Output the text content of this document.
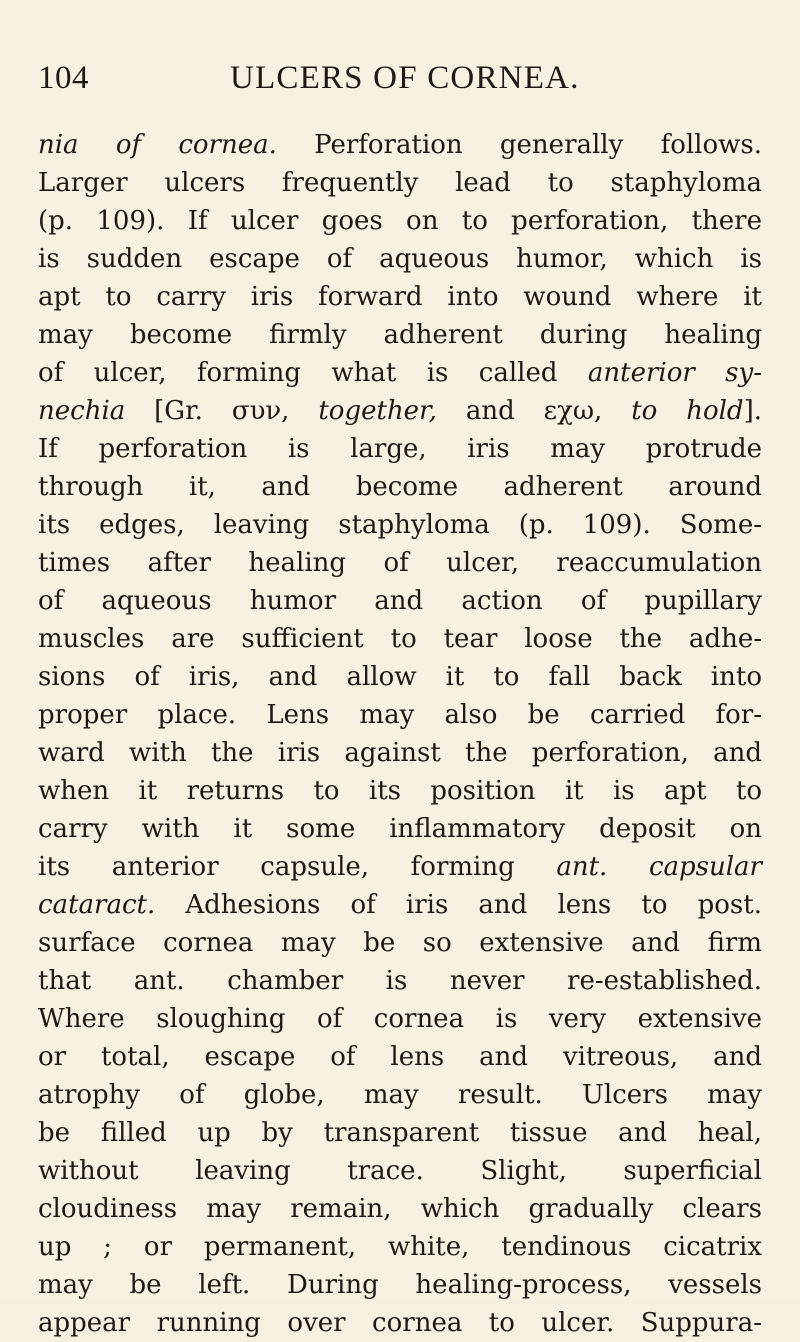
104	ULCERS OF CORNEA.
nia of cornea. Perforation generally follows.
Larger ulcers frequently lead to staphyloma
(p. 109). If ulcer goes on to perforation, there
is sudden escape of aqueous humor, which is
apt to carry iris forward into wound where it
may become firmly adherent during healing
of ulcer, forming what is called anterior sy-
nechia [Gr. συν, together, and εχω, to hold].
If perforation is large, iris may protrude
through it, and become adherent around
its edges, leaving staphyloma (p. 109). Some-
times after healing of ulcer, reaccumulation
of aqueous humor and action of pupillary
muscles are sufficient to tear loose the adhe-
sions of iris, and allow it to fall back into
proper place. Lens may also be carried for-
ward with the iris against the perforation, and
when it returns to its position it is apt to
carry with it some inflammatory deposit on
its anterior capsule, forming ant. capsular
cataract. Adhesions of iris and lens to post.
surface cornea may be so extensive and firm
that ant. chamber is never re-established.
Where sloughing of cornea is very extensive
or total, escape of lens and vitreous, and
atrophy of globe, may result. Ulcers may
be filled up by transparent tissue and heal,
without leaving trace. Slight, superficial
cloudiness may remain, which gradually clears
up ; or permanent, white, tendinous cicatrix
may be left. During healing-process, vessels
appear running over cornea to ulcer. Suppura-
